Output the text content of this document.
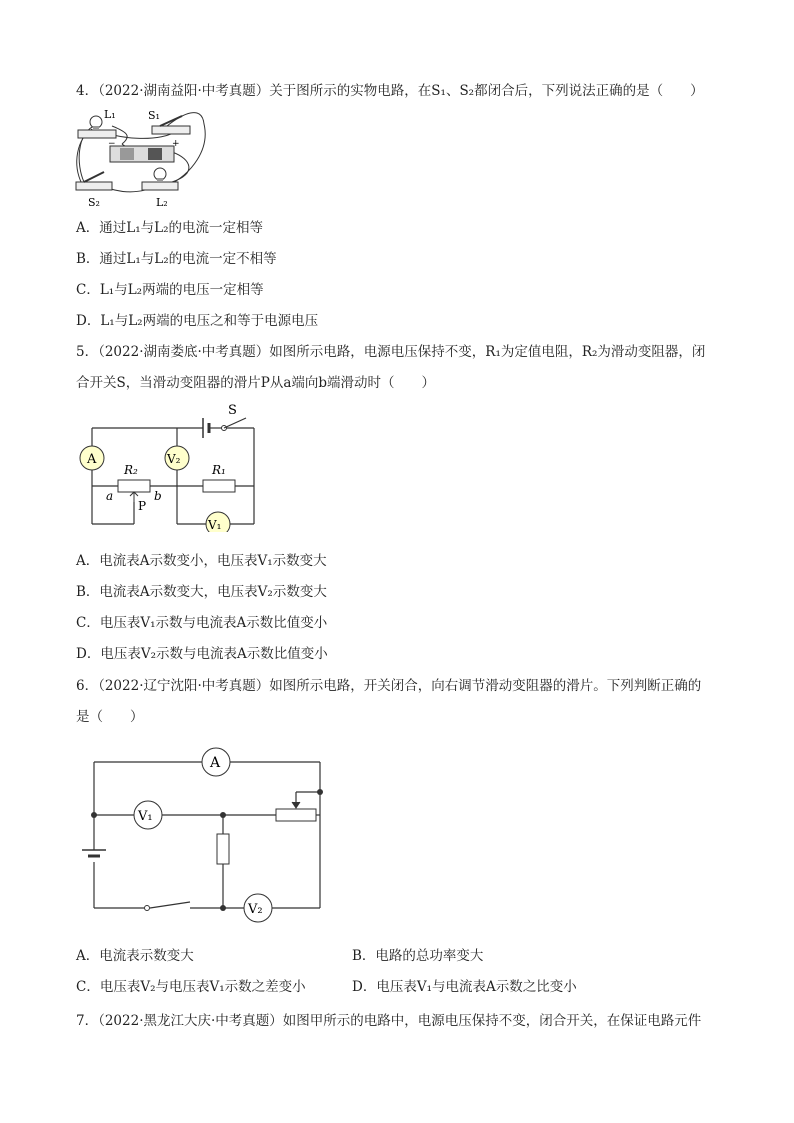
4．（2022·湖南益阳·中考真题）关于图所示的实物电路，在S₁、S₂都闭合后，下列说法正确的是（　　）
L₁	S₁
−	+
S₂	L₂
A．通过L₁与L₂的电流一定相等
B．通过L₁与L₂的电流一定不相等
C．L₁与L₂两端的电压一定相等
D．L₁与L₂两端的电压之和等于电源电压
5．（2022·湖南娄底·中考真题）如图所示电路，电源电压保持不变，R₁为定值电阻，R₂为滑动变阻器，闭
合开关S，当滑动变阻器的滑片P从a端向b端滑动时（　　）
S
A	V₂
R₂
a	b
P
R₁
V₁
A．电流表A示数变小，电压表V₁示数变大
B．电流表A示数变大，电压表V₂示数变大
C．电压表V₁示数与电流表A示数比值变小
D．电压表V₂示数与电流表A示数比值变小
6．（2022·辽宁沈阳·中考真题）如图所示电路，开关闭合，向右调节滑动变阻器的滑片。下列判断正确的
是（　　）
A
V₁
V₂
A．电流表示数变大	B．电路的总功率变大
C．电压表V₂与电压表V₁示数之差变小	D．电压表V₁与电流表A示数之比变小
7．（2022·黑龙江大庆·中考真题）如图甲所示的电路中，电源电压保持不变，闭合开关，在保证电路元件
